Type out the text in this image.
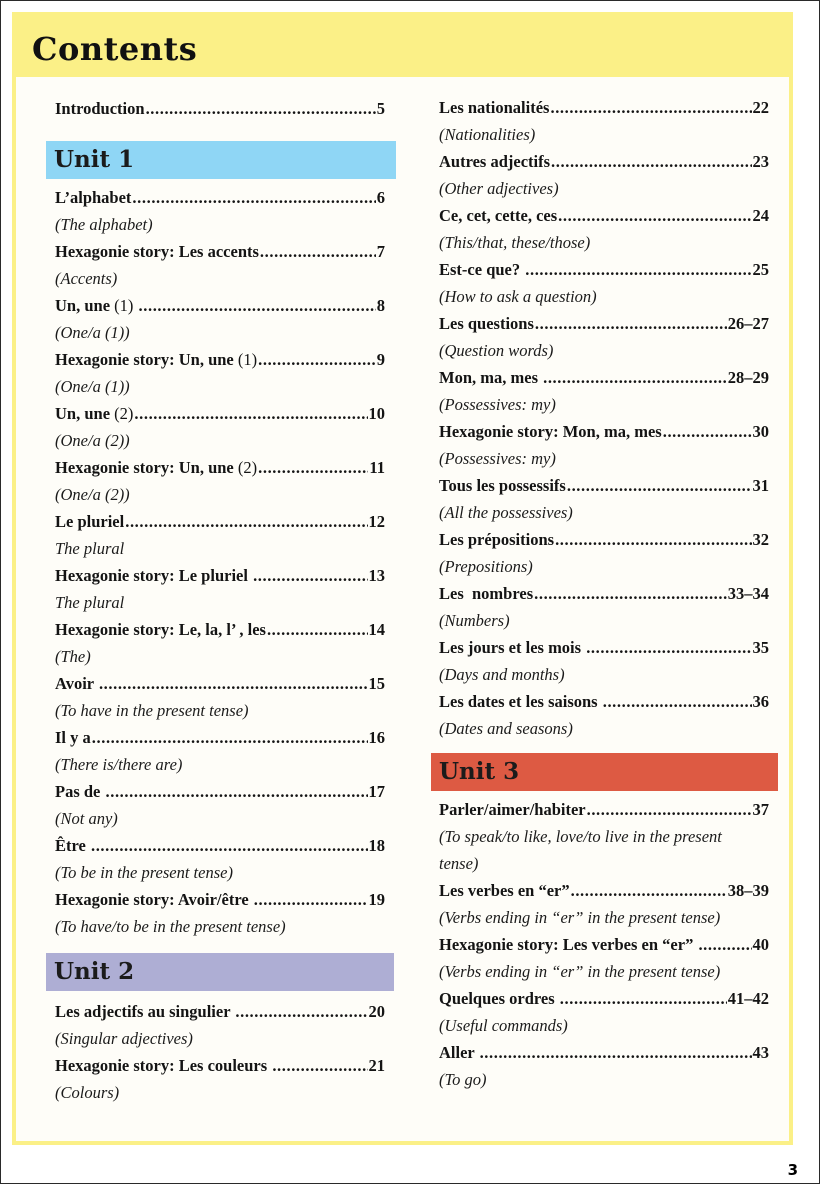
Contents
Introduction .....	5
Unit 1
Unit 2
Unit 3
3
L’alphabet .....	6
(The alphabet)
Hexagonie story: Les accents .....	7
(Accents)
Un, une (1) .....	8
(One/a (1))
Hexagonie story: Un, une (1) .....	9
(One/a (1))
Un, une (2) .....	10
(One/a (2))
Hexagonie story: Un, une (2) .....	11
(One/a (2))
Le pluriel .....	12
The plural
Hexagonie story: Le pluriel .....	13
The plural
Hexagonie story: Le, la, l’ , les .....	14
(The)
Avoir .....	15
(To have in the present tense)
Il y a .....	16
(There is/there are)
Pas de .....	17
(Not any)
Être .....	18
(To be in the present tense)
Hexagonie story: Avoir/être .....	19
(To have/to be in the present tense)
Les adjectifs au singulier .....	20
(Singular adjectives)
Hexagonie story: Les couleurs .....	21
(Colours)
Les nationalités .....	22
(Nationalities)
Autres adjectifs .....	23
(Other adjectives)
Ce, cet, cette, ces .....	24
(This/that, these/those)
Est-ce que? .....	25
(How to ask a question)
Les questions .....	26–27
(Question words)
Mon, ma, mes .....	28–29
(Possessives: my)
Hexagonie story: Mon, ma, mes .....	30
(Possessives: my)
Tous les possessifs .....	31
(All the possessives)
Les prépositions .....	32
(Prepositions)
Les  nombres .....	33–34
(Numbers)
Les jours et les mois .....	35
(Days and months)
Les dates et les saisons .....	36
(Dates and seasons)
Parler/aimer/habiter .....	37
(To speak/to like, love/to live in the present tense)
Les verbes en “er” .....	38–39
(Verbs ending in “er” in the present tense)
Hexagonie story: Les verbes en “er” .....	40
(Verbs ending in “er” in the present tense)
Quelques ordres .....	41–42
(Useful commands)
Aller .....	43
(To go)
